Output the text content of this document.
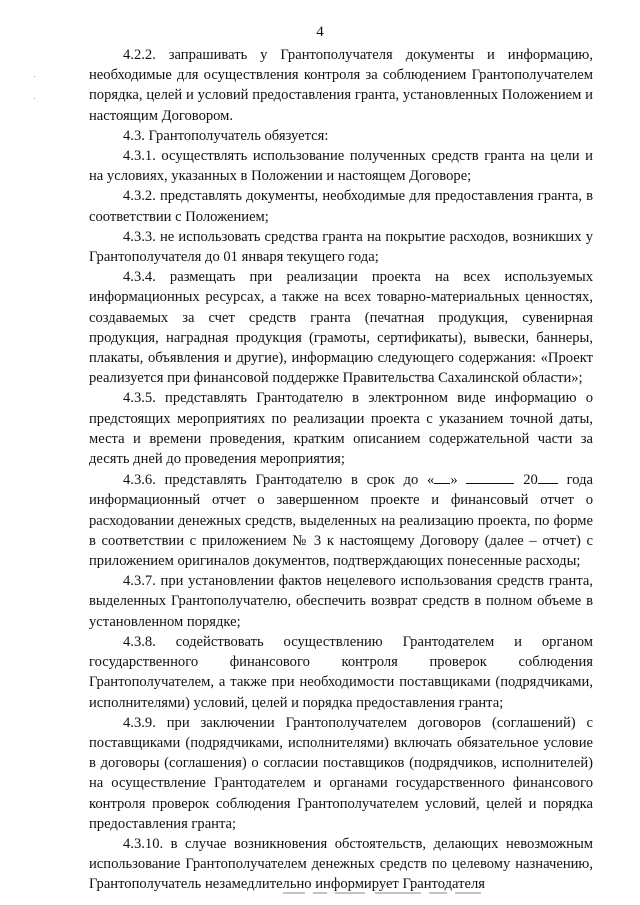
4

4.2.2. запрашивать у Грантополучателя документы и информацию, необходимые для осуществления контроля за соблюдением Грантополучателем порядка, целей и условий предоставления гранта, установленных Положением и настоящим Договором.

4.3. Грантополучатель обязуется:

4.3.1. осуществлять использование полученных средств гранта на цели и на условиях, указанных в Положении и настоящем Договоре;

4.3.2. представлять документы, необходимые для предоставления гранта, в соответствии с Положением;

4.3.3. не использовать средства гранта на покрытие расходов, возникших у Грантополучателя до 01 января текущего года;

4.3.4. размещать при реализации проекта на всех используемых информационных ресурсах, а также на всех товарно-материальных ценностях, создаваемых за счет средств гранта (печатная продукция, сувенирная продукция, наградная продукция (грамоты, сертификаты), вывески, баннеры, плакаты, объявления и другие), информацию следующего содержания: «Проект реализуется при финансовой поддержке Правительства Сахалинской области»;

4.3.5. представлять Грантодателю в электронном виде информацию о предстоящих мероприятиях по реализации проекта с указанием точной даты, места и времени проведения, кратким описанием содержательной части за десять дней до проведения мероприятия;

4.3.6. представлять Грантодателю в срок до « »	20 года информационный отчет о завершенном проекте и финансовый отчет о расходовании денежных средств, выделенных на реализацию проекта, по форме в соответствии с приложением № 3 к настоящему Договору (далее – отчет) с приложением оригиналов документов, подтверждающих понесенные расходы;

4.3.7. при установлении фактов нецелевого использования средств гранта, выделенных Грантополучателю, обеспечить возврат средств в полном объеме в установленном порядке;

4.3.8. содействовать осуществлению Грантодателем и органом государственного финансового контроля проверок соблюдения Грантополучателем, а также при необходимости поставщиками (подрядчиками, исполнителями) условий, целей и порядка предоставления гранта;

4.3.9. при заключении Грантополучателем договоров (соглашений) с поставщиками (подрядчиками, исполнителями) включать обязательное условие в договоры (соглашения) о согласии поставщиков (подрядчиков, исполнителей) на осуществление Грантодателем и органами государственного финансового контроля проверок соблюдения Грантополучателем условий, целей и порядка предоставления гранта;

4.3.10. в случае возникновения обстоятельств, делающих невозможным использование Грантополучателем денежных средств по целевому назначению, Грантополучатель незамедлительно информирует Грантодателя
